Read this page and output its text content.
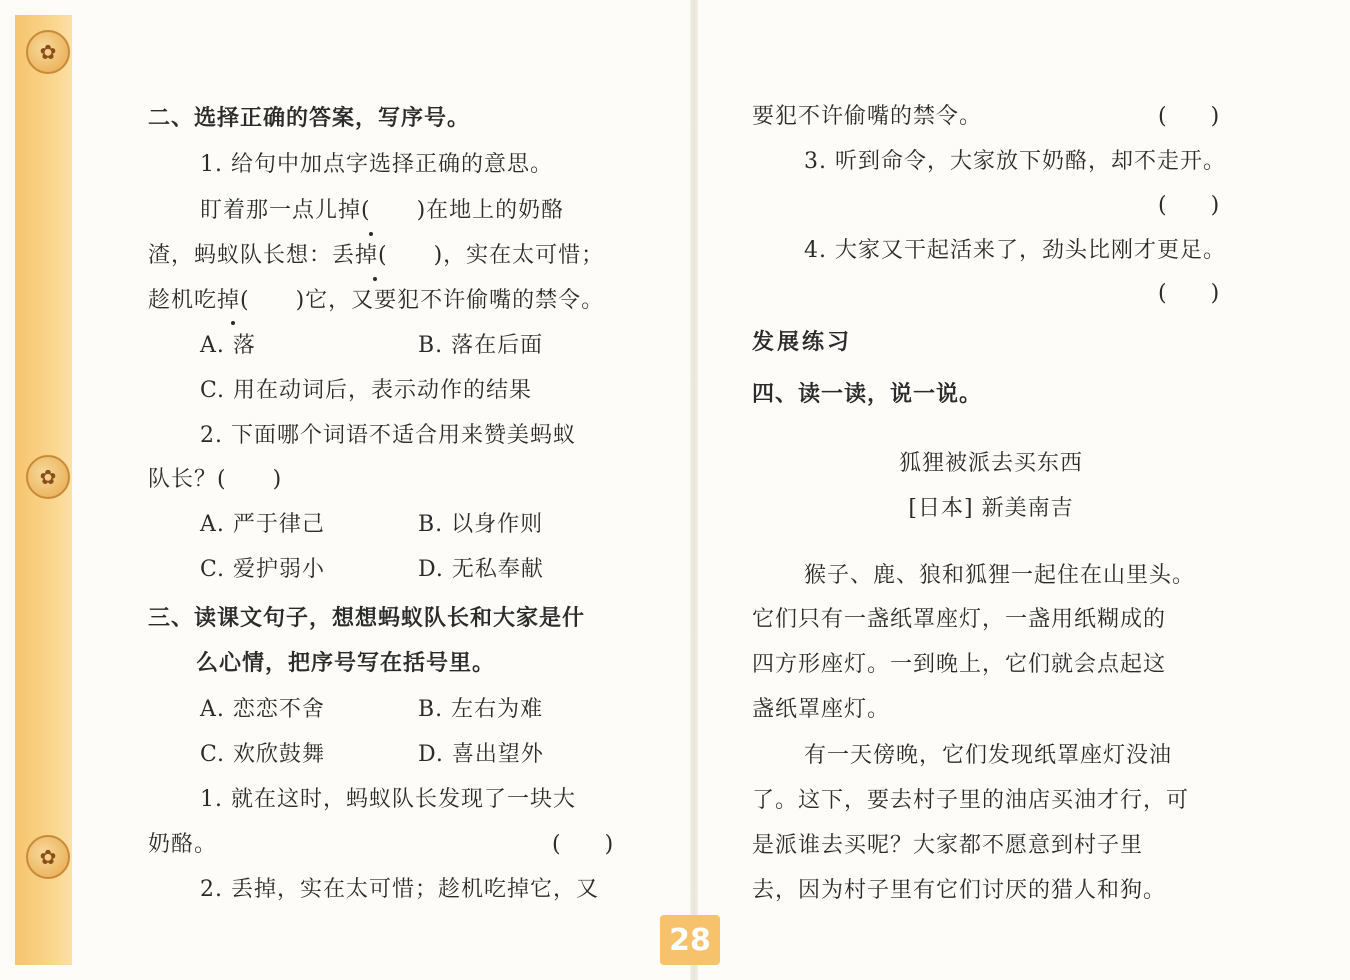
✿
✿
✿
二、选择正确的答案，写序号。
1. 给句中加点字选择正确的意思。
盯着那一点儿掉(　　)在地上的奶酪
渣，蚂蚁队长想：丢掉(　　)，实在太可惜；
趁机吃掉(　　)它，又要犯不许偷嘴的禁令。
A. 落	B. 落在后面
C. 用在动词后，表示动作的结果
2. 下面哪个词语不适合用来赞美蚂蚁
队长？(　　)
A. 严于律己	B. 以身作则
C. 爱护弱小	D. 无私奉献
三、读课文句子，想想蚂蚁队长和大家是什
么心情，把序号写在括号里。
A. 恋恋不舍	B. 左右为难
C. 欢欣鼓舞	D. 喜出望外
1. 就在这时，蚂蚁队长发现了一块大
奶酪。	(　　)
2. 丢掉，实在太可惜；趁机吃掉它，又
28
要犯不许偷嘴的禁令。	(　　)
3. 听到命令，大家放下奶酪，却不走开。
(　　)
4. 大家又干起活来了，劲头比刚才更足。
(　　)
发展练习
四、读一读，说一说。
狐狸被派去买东西
[日本] 新美南吉
猴子、鹿、狼和狐狸一起住在山里头。
它们只有一盏纸罩座灯，一盏用纸糊成的
四方形座灯。一到晚上，它们就会点起这
盏纸罩座灯。
有一天傍晚，它们发现纸罩座灯没油
了。这下，要去村子里的油店买油才行，可
是派谁去买呢？大家都不愿意到村子里
去，因为村子里有它们讨厌的猎人和狗。
